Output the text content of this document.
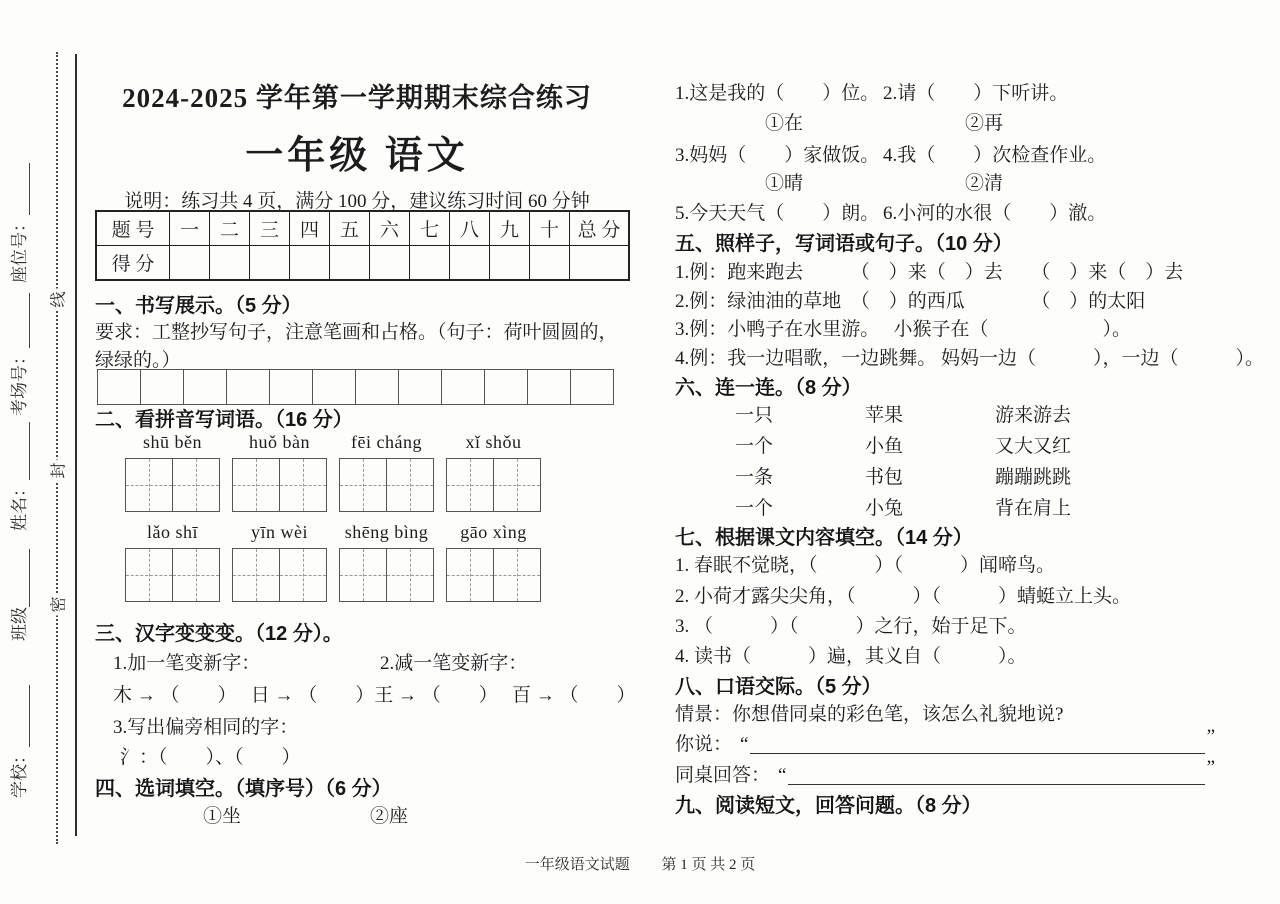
学校：
班级
姓名：
考场号：
座位号：
线
封
密
2024-2025 学年第一学期期末综合练习
一年级 语文
说明：练习共 4 页，满分 100 分，建议练习时间 60 分钟
题 号	一	二	三	四	五	六	七	八	九	十	总 分
得 分											
一、书写展示。（5 分）
要求：工整抄写句子，注意笔画和占格。（句子：荷叶圆圆的，
绿绿的。）
二、看拼音写词语。（16 分）
shū běn	huǒ bàn	fēi cháng	xǐ shǒu
lǎo shī	yīn wèi	shēng bìng	gāo xìng
三、汉字变变变。（12 分）。
1.加一笔变新字：	2.减一笔变新字：
木 → （　　）　 日 → （　　） 王 → （　　）　 百 → （　　）
3.写出偏旁相同的字：
氵：（　　）、（　　）
四、选词填空。（填序号）（6 分）
①坐	②座
1.这是我的（　　）位。 2.请（　　）下听讲。
①在	②再
3.妈妈（　　）家做饭。 4.我（　　）次检查作业。
①晴	②清
5.今天天气（　　）朗。 6.小河的水很（　　）澈。
五、照样子，写词语或句子。（10 分）
1.例：跑来跑去　　　（　）来（　）去　　（　）来（　）去
2.例：绿油油的草地　（　）的西瓜　　　　（　）的太阳
3.例：小鸭子在水里游。　 小猴子在（　　　　　　）。
4.例：我一边唱歌，一边跳舞。 妈妈一边（　　　），一边（　　　）。
六、连一连。（8 分）
一只	苹果	游来游去
一个	小鱼	又大又红
一条	书包	蹦蹦跳跳
一个	小兔	背在肩上
七、根据课文内容填空。（14 分）
1. 春眠不觉晓，（　　　）（　　　）闻啼鸟。
2. 小荷才露尖尖角，（　　　）（　　　）蜻蜓立上头。
3. （　　　）（　　　）之行，始于足下。
4. 读书（　　　）遍，其义自（　　　）。
八、口语交际。（5 分）
情景：你想借同桌的彩色笔，该怎么礼貌地说?
你说： “	”
同桌回答： “	”
九、阅读短文，回答问题。（8 分）
一年级语文试题 第 1 页 共 2 页
